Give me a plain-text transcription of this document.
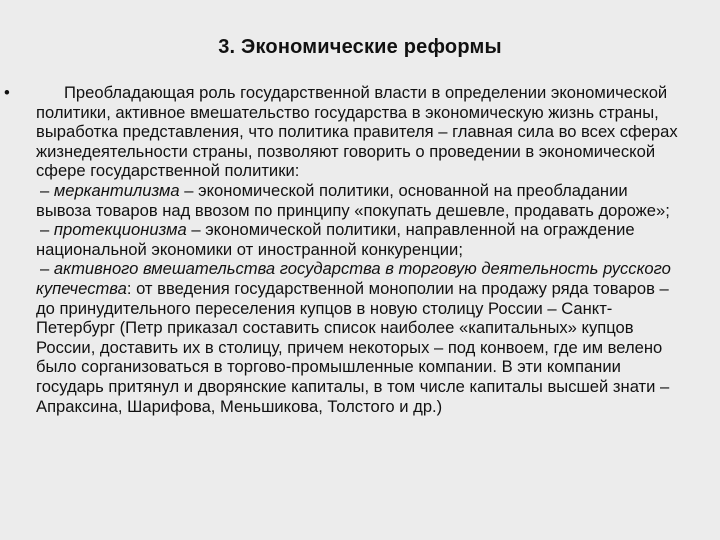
3. Экономические реформы
•	Преобладающая роль государственной власти в определении экономической политики, активное вмешательство государства в экономическую жизнь страны, выработка представления, что политика правителя – главная сила во всех сферах жизнедеятельности страны, позволяют говорить о проведении в экономической сфере государственной политики:

– меркантилизма – экономической политики, основанной на преобладании вывоза товаров над ввозом по принципу «покупать дешевле, продавать дороже»;

– протекционизма – экономической политики, направленной на ограждение национальной экономики от иностранной конкуренции;

– активного вмешательства государства в торговую деятельность русского купечества: от введения государственной монополии на продажу ряда товаров – до принудительного переселения купцов в новую столицу России – Санкт-Петербург (Петр приказал составить список наиболее «капитальных» купцов России, доставить их в столицу, причем некоторых – под конвоем, где им велено было сорганизоваться в торгово-промышленные компании. В эти компании государь притянул и дворянские капиталы, в том числе капиталы высшей знати – Апраксина, Шарифова, Меньшикова, Толстого и др.)
